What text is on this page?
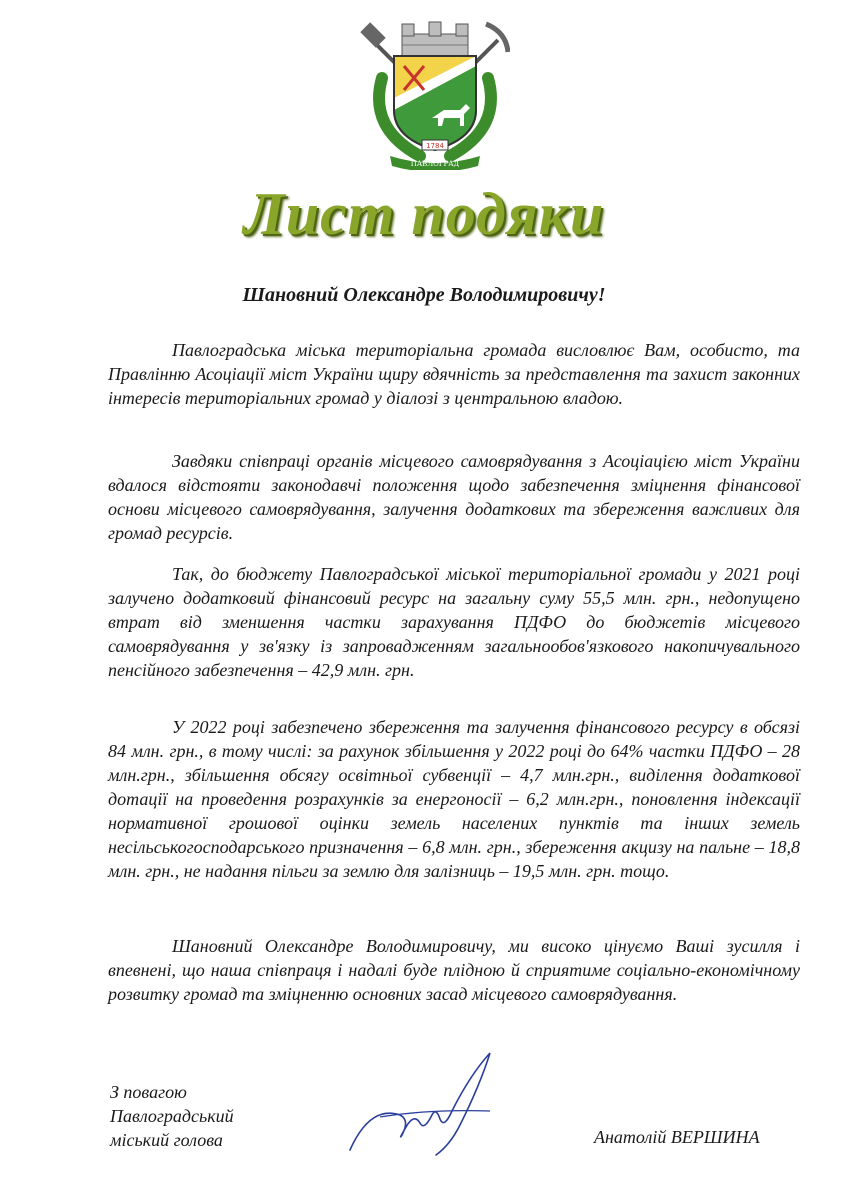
1784
ПАВЛОГРАД
Лист подяки
Шановний Олександре Володимировичу!

Павлоградська міська територіальна громада висловлює Вам, особисто, та Правлінню Асоціації міст України щиру вдячність за представлення та захист законних інтересів територіальних громад у діалозі з центральною владою.

Завдяки співпраці органів місцевого самоврядування з Асоціацією міст України вдалося відстояти законодавчі положення щодо забезпечення зміцнення фінансової основи місцевого самоврядування, залучення додаткових та збереження важливих для громад ресурсів.

Так, до бюджету Павлоградської міської територіальної громади у 2021 році залучено додатковий фінансовий ресурс на загальну суму 55,5 млн. грн., недопущено втрат від зменшення частки зарахування ПДФО до бюджетів місцевого самоврядування у зв'язку із запровадженням загальнообов'язкового накопичувального пенсійного забезпечення – 42,9 млн. грн.

У 2022 році забезпечено збереження та залучення фінансового ресурсу в обсязі 84 млн. грн., в тому числі: за рахунок збільшення у 2022 році до 64% частки ПДФО – 28 млн.грн., збільшення обсягу освітньої субвенції – 4,7 млн.грн., виділення додаткової дотації на проведення розрахунків за енергоносії – 6,2 млн.грн., поновлення індексації нормативної грошової оцінки земель населених пунктів та інших земель несільськогосподарського призначення – 6,8 млн. грн., збереження акцизу на пальне – 18,8 млн. грн., не надання пільги за землю для залізниць – 19,5 млн. грн. тощо.

Шановний Олександре Володимировичу, ми високо цінуємо Ваші зусилля і впевнені, що наша співпраця і надалі буде плідною й сприятиме соціально-економічному розвитку громад та зміцненню основних засад місцевого самоврядування.

З повагою
Павлоградський
міський голова	Анатолій ВЕРШИНА
